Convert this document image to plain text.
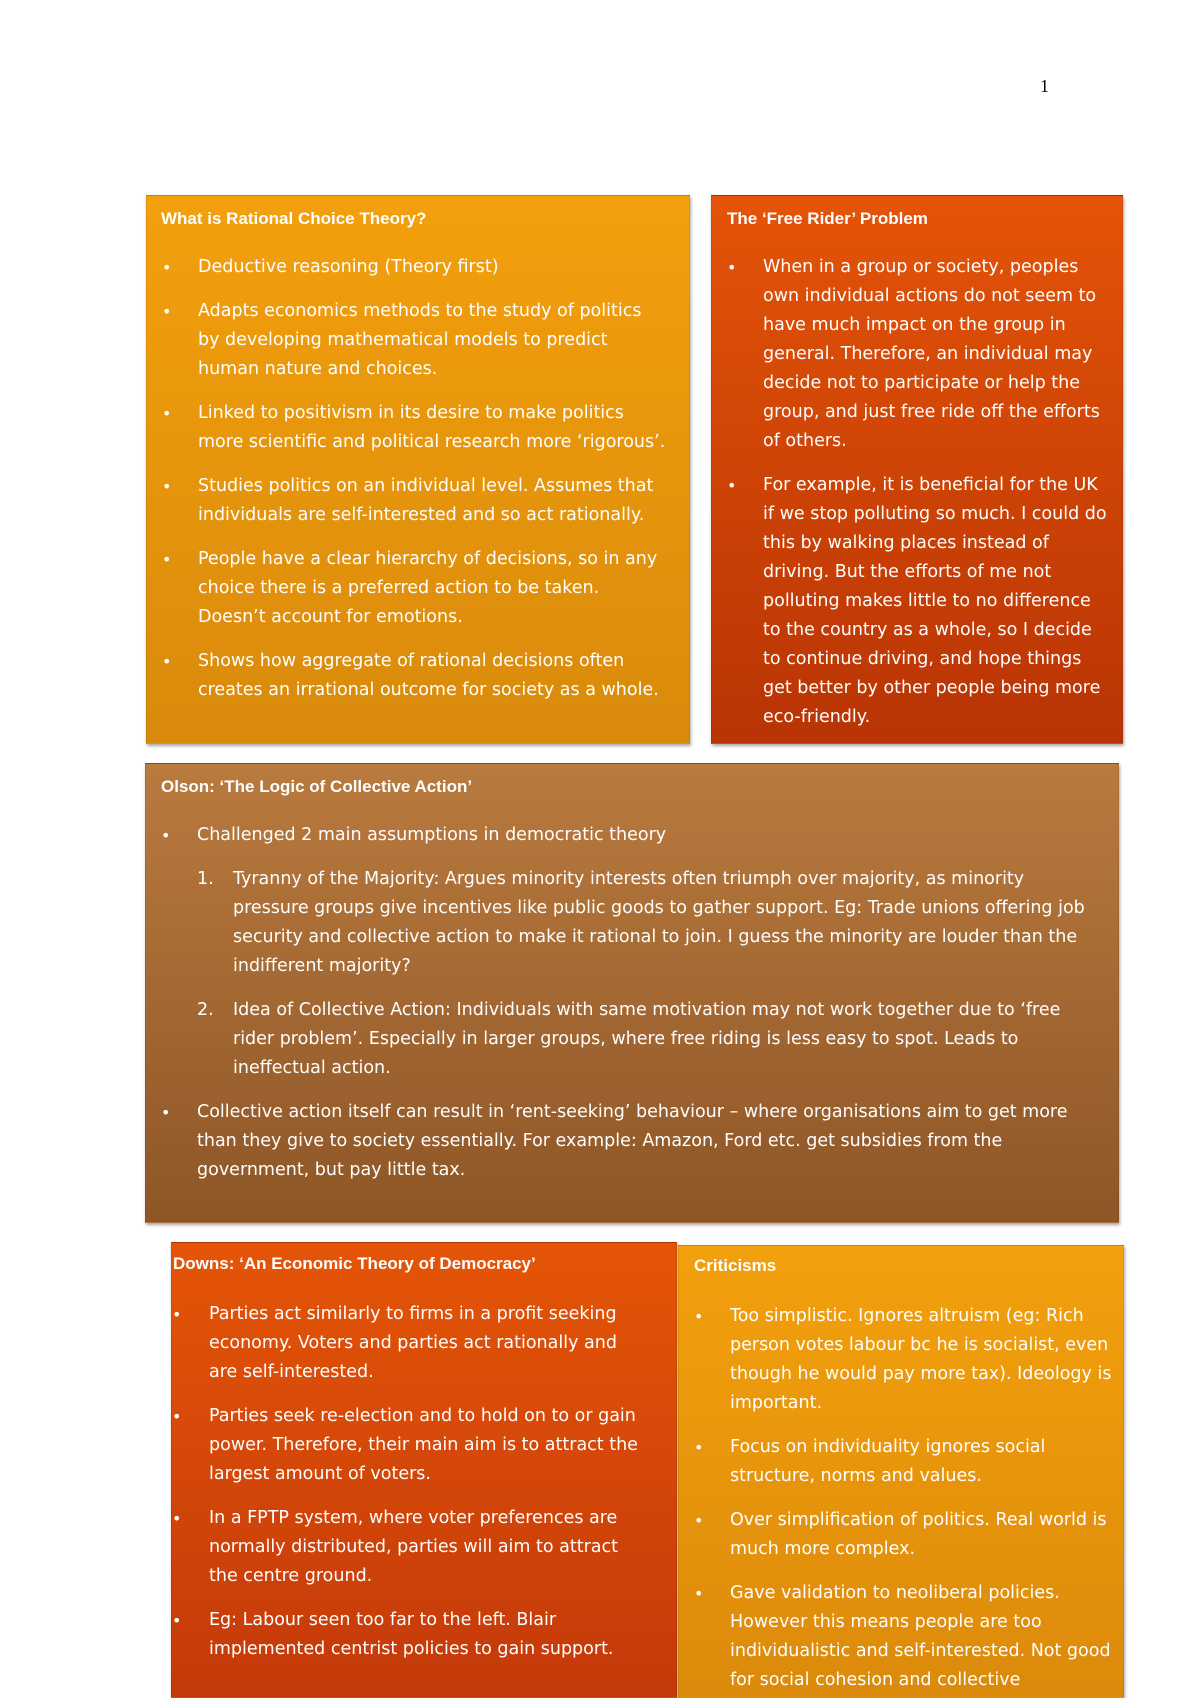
1
What is Rational Choice Theory?
• Deductive reasoning (Theory first)
• Adapts economics methods to the study of politics by developing mathematical models to predict human nature and choices.
• Linked to positivism in its desire to make politics more scientific and political research more ‘rigorous’.
• Studies politics on an individual level. Assumes that individuals are self-interested and so act rationally.
• People have a clear hierarchy of decisions, so in any choice there is a preferred action to be taken. Doesn’t account for emotions.
• Shows how aggregate of rational decisions often creates an irrational outcome for society as a whole.
The ‘Free Rider’ Problem
• When in a group or society, peoples own individual actions do not seem to have much impact on the group in general. Therefore, an individual may decide not to participate or help the group, and just free ride off the efforts of others.
• For example, it is beneficial for the UK if we stop polluting so much. I could do this by walking places instead of driving. But the efforts of me not polluting makes little to no difference to the country as a whole, so I decide to continue driving, and hope things get better by other people being more eco-friendly.
Olson: ‘The Logic of Collective Action’
• Challenged 2 main assumptions in democratic theory
1. Tyranny of the Majority: Argues minority interests often triumph over majority, as minority pressure groups give incentives like public goods to gather support. Eg: Trade unions offering job security and collective action to make it rational to join. I guess the minority are louder than the indifferent majority?
2. Idea of Collective Action: Individuals with same motivation may not work together due to ‘free rider problem’. Especially in larger groups, where free riding is less easy to spot. Leads to ineffectual action.
• Collective action itself can result in ‘rent-seeking’ behaviour – where organisations aim to get more than they give to society essentially. For example: Amazon, Ford etc. get subsidies from the government, but pay little tax.
Downs: ‘An Economic Theory of Democracy’
• Parties act similarly to firms in a profit seeking economy. Voters and parties act rationally and are self-interested.
• Parties seek re-election and to hold on to or gain power. Therefore, their main aim is to attract the largest amount of voters.
• In a FPTP system, where voter preferences are normally distributed, parties will aim to attract the centre ground.
• Eg: Labour seen too far to the left. Blair implemented centrist policies to gain support.
Criticisms
• Too simplistic. Ignores altruism (eg: Rich person votes labour bc he is socialist, even though he would pay more tax). Ideology is important.
• Focus on individuality ignores social structure, norms and values.
• Over simplification of politics. Real world is much more complex.
• Gave validation to neoliberal policies. However this means people are too individualistic and self-interested. Not good for social cohesion and collective
